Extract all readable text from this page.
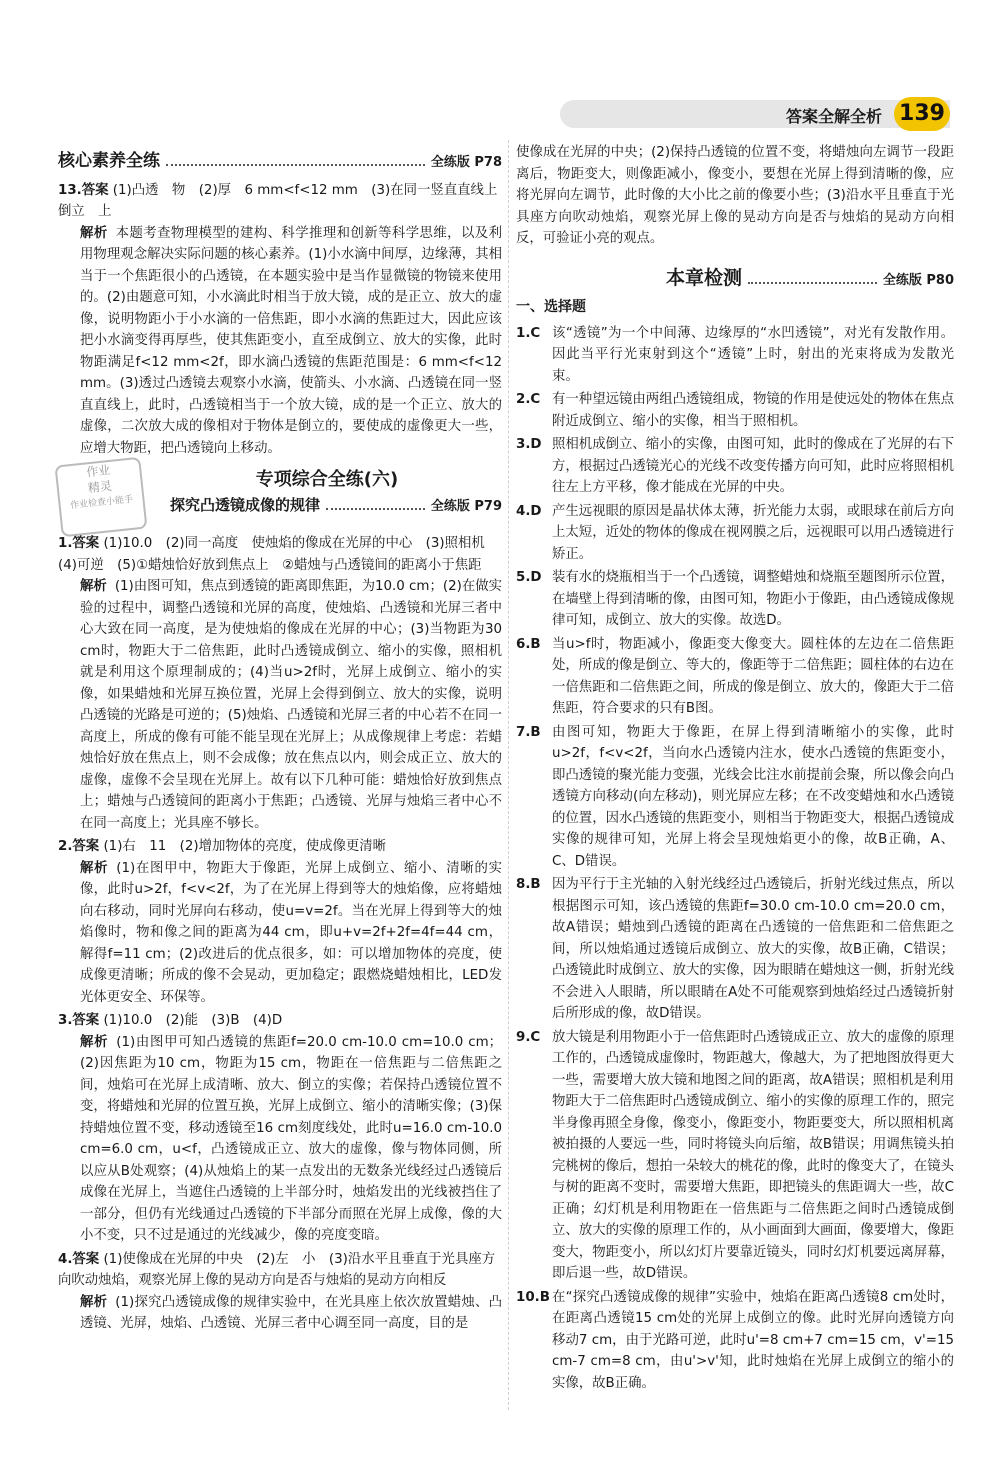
答案全解全析 139
核心素养全练	全练版 P78
13.答案 (1)凸透　物　(2)厚　6 mm<f<12 mm　(3)在同一竖直直线上　倒立　上
解析 本题考查物理模型的建构、科学推理和创新等科学思维，以及利用物理观念解决实际问题的核心素养。(1)小水滴中间厚，边缘薄，其相当于一个焦距很小的凸透镜，在本题实验中是当作显微镜的物镜来使用的。(2)由题意可知，小水滴此时相当于放大镜，成的是正立、放大的虚像，说明物距小于小水滴的一倍焦距，即小水滴的焦距过大，因此应该把小水滴变得再厚些，使其焦距变小，直至成倒立、放大的实像，此时物距满足f<12 mm<2f，即水滴凸透镜的焦距范围是：6 mm<f<12 mm。(3)透过凸透镜去观察小水滴，使箭头、小水滴、凸透镜在同一竖直直线上，此时，凸透镜相当于一个放大镜，成的是一个正立、放大的虚像，二次放大成的像相对于物体是倒立的，要使成的虚像更大一些，应增大物距，把凸透镜向上移动。
作业
精灵
作业检查小能手
专项综合全练(六)
探究凸透镜成像的规律	全练版 P79
1.答案 (1)10.0　(2)同一高度　使烛焰的像成在光屏的中心　(3)照相机　(4)可逆　(5)①蜡烛恰好放到焦点上　②蜡烛与凸透镜间的距离小于焦距
解析 (1)由图可知，焦点到透镜的距离即焦距，为10.0 cm；(2)在做实验的过程中，调整凸透镜和光屏的高度，使烛焰、凸透镜和光屏三者中心大致在同一高度，是为使烛焰的像成在光屏的中心；(3)当物距为30 cm时，物距大于二倍焦距，此时凸透镜成倒立、缩小的实像，照相机就是利用这个原理制成的；(4)当u>2f时，光屏上成倒立、缩小的实像，如果蜡烛和光屏互换位置，光屏上会得到倒立、放大的实像，说明凸透镜的光路是可逆的；(5)烛焰、凸透镜和光屏三者的中心若不在同一高度上，所成的像有可能不能呈现在光屏上；从成像规律上考虑：若蜡烛恰好放在焦点上，则不会成像；放在焦点以内，则会成正立、放大的虚像，虚像不会呈现在光屏上。故有以下几种可能：蜡烛恰好放到焦点上；蜡烛与凸透镜间的距离小于焦距；凸透镜、光屏与烛焰三者中心不在同一高度上；光具座不够长。
2.答案 (1)右　11　(2)增加物体的亮度，使成像更清晰
解析 (1)在图甲中，物距大于像距，光屏上成倒立、缩小、清晰的实像，此时u>2f，f<v<2f，为了在光屏上得到等大的烛焰像，应将蜡烛向右移动，同时光屏向右移动，使u=v=2f。当在光屏上得到等大的烛焰像时，物和像之间的距离为44 cm，即u+v=2f+2f=4f=44 cm，解得f=11 cm；(2)改进后的优点很多，如：可以增加物体的亮度，使成像更清晰；所成的像不会晃动，更加稳定；跟燃烧蜡烛相比，LED发光体更安全、环保等。
3.答案 (1)10.0　(2)能　(3)B　(4)D
解析 (1)由图甲可知凸透镜的焦距f=20.0 cm-10.0 cm=10.0 cm；(2)因焦距为10 cm，物距为15 cm，物距在一倍焦距与二倍焦距之间，烛焰可在光屏上成清晰、放大、倒立的实像；若保持凸透镜位置不变，将蜡烛和光屏的位置互换，光屏上成倒立、缩小的清晰实像；(3)保持蜡烛位置不变，移动透镜至16 cm刻度线处，此时u=16.0 cm-10.0 cm=6.0 cm，u<f，凸透镜成正立、放大的虚像，像与物体同侧，所以应从B处观察；(4)从烛焰上的某一点发出的无数条光线经过凸透镜后成像在光屏上，当遮住凸透镜的上半部分时，烛焰发出的光线被挡住了一部分，但仍有光线通过凸透镜的下半部分而照在光屏上成像，像的大小不变，只不过是通过的光线减少，像的亮度变暗。
4.答案 (1)使像成在光屏的中央　(2)左　小　(3)沿水平且垂直于光具座方向吹动烛焰，观察光屏上像的晃动方向是否与烛焰的晃动方向相反
解析 (1)探究凸透镜成像的规律实验中，在光具座上依次放置蜡烛、凸透镜、光屏，烛焰、凸透镜、光屏三者中心调至同一高度，目的是
使像成在光屏的中央；(2)保持凸透镜的位置不变，将蜡烛向左调节一段距离后，物距变大，则像距减小，像变小，要想在光屏上得到清晰的像，应将光屏向左调节，此时像的大小比之前的像要小些；(3)沿水平且垂直于光具座方向吹动烛焰，观察光屏上像的晃动方向是否与烛焰的晃动方向相反，可验证小亮的观点。
本章检测	全练版 P80
一、选择题
1.C 该“透镜”为一个中间薄、边缘厚的“水凹透镜”，对光有发散作用。因此当平行光束射到这个“透镜”上时，射出的光束将成为发散光束。
2.C 有一种望远镜由两组凸透镜组成，物镜的作用是使远处的物体在焦点附近成倒立、缩小的实像，相当于照相机。
3.D 照相机成倒立、缩小的实像，由图可知，此时的像成在了光屏的右下方，根据过凸透镜光心的光线不改变传播方向可知，此时应将照相机往左上方平移，像才能成在光屏的中央。
4.D 产生远视眼的原因是晶状体太薄，折光能力太弱，或眼球在前后方向上太短，近处的物体的像成在视网膜之后，远视眼可以用凸透镜进行矫正。
5.D 装有水的烧瓶相当于一个凸透镜，调整蜡烛和烧瓶至题图所示位置，在墙壁上得到清晰的像，由图可知，物距小于像距，由凸透镜成像规律可知，成倒立、放大的实像。故选D。
6.B 当u>f时，物距减小，像距变大像变大。圆柱体的左边在二倍焦距处，所成的像是倒立、等大的，像距等于二倍焦距；圆柱体的右边在一倍焦距和二倍焦距之间，所成的像是倒立、放大的，像距大于二倍焦距，符合要求的只有B图。
7.B 由图可知，物距大于像距，在屏上得到清晰缩小的实像，此时u>2f，f<v<2f，当向水凸透镜内注水，使水凸透镜的焦距变小，即凸透镜的聚光能力变强，光线会比注水前提前会聚，所以像会向凸透镜方向移动(向左移动)，则光屏应左移；在不改变蜡烛和水凸透镜的位置，因水凸透镜的焦距变小，则相当于物距变大，根据凸透镜成实像的规律可知，光屏上将会呈现烛焰更小的像，故B正确，A、C、D错误。
8.B 因为平行于主光轴的入射光线经过凸透镜后，折射光线过焦点，所以根据图示可知，该凸透镜的焦距f=30.0 cm-10.0 cm=20.0 cm，故A错误；蜡烛到凸透镜的距离在凸透镜的一倍焦距和二倍焦距之间，所以烛焰通过透镜后成倒立、放大的实像，故B正确，C错误；凸透镜此时成倒立、放大的实像，因为眼睛在蜡烛这一侧，折射光线不会进入人眼睛，所以眼睛在A处不可能观察到烛焰经过凸透镜折射后所形成的像，故D错误。
9.C 放大镜是利用物距小于一倍焦距时凸透镜成正立、放大的虚像的原理工作的，凸透镜成虚像时，物距越大，像越大，为了把地图放得更大一些，需要增大放大镜和地图之间的距离，故A错误；照相机是利用物距大于二倍焦距时凸透镜成倒立、缩小的实像的原理工作的，照完半身像再照全身像，像变小，像距变小，物距要变大，所以照相机离被拍摄的人要远一些，同时将镜头向后缩，故B错误；用调焦镜头拍完桃树的像后，想拍一朵较大的桃花的像，此时的像变大了，在镜头与树的距离不变时，需要增大焦距，即把镜头的焦距调大一些，故C正确；幻灯机是利用物距在一倍焦距与二倍焦距之间时凸透镜成倒立、放大的实像的原理工作的，从小画面到大画面，像要增大，像距变大，物距变小，所以幻灯片要靠近镜头，同时幻灯机要远离屏幕，即后退一些，故D错误。
10.B 在“探究凸透镜成像的规律”实验中，烛焰在距离凸透镜8 cm处时，在距离凸透镜15 cm处的光屏上成倒立的像。此时光屏向透镜方向移动7 cm，由于光路可逆，此时u'=8 cm+7 cm=15 cm，v'=15 cm-7 cm=8 cm，由u'>v'知，此时烛焰在光屏上成倒立的缩小的实像，故B正确。
